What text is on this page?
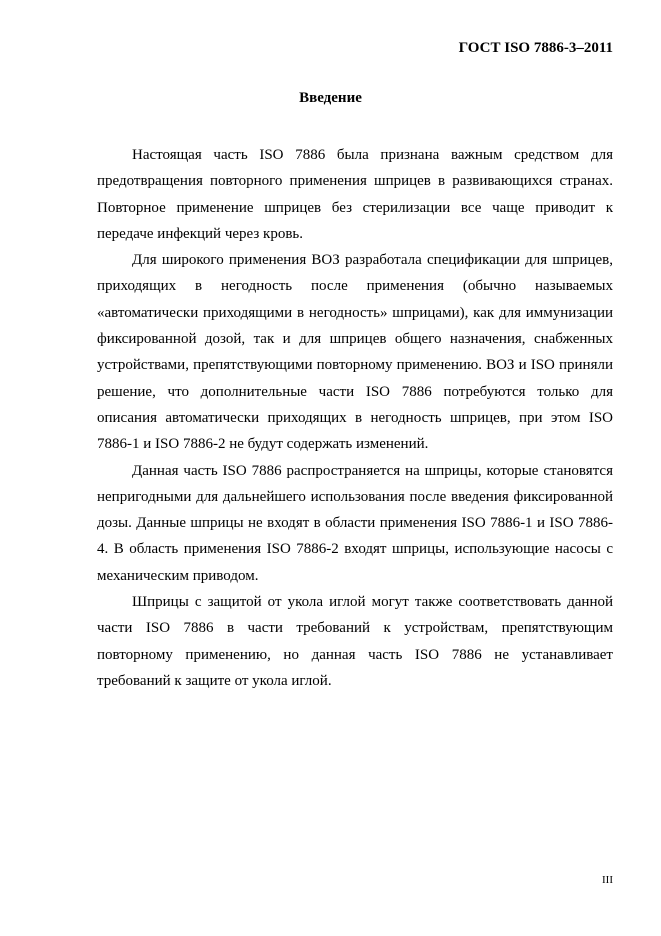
ГОСТ ISO 7886-3–2011
Введение

Настоящая часть ISO 7886 была признана важным средством для предотвращения повторного применения шприцев в развивающихся странах. Повторное применение шприцев без стерилизации все чаще приводит к передаче инфекций через кровь.

Для широкого применения ВОЗ разработала спецификации для шприцев, приходящих в негодность после применения (обычно называемых «автоматически приходящими в негодность» шприцами), как для иммунизации фиксированной дозой, так и для шприцев общего назначения, снабженных устройствами, препятствующими повторному применению. ВОЗ и ISO приняли решение, что дополнительные части ISO 7886 потребуются только для описания автоматически приходящих в негодность шприцев, при этом ISO 7886-1 и ISO 7886-2 не будут содержать изменений.

Данная часть ISO 7886 распространяется на шприцы, которые становятся непригодными для дальнейшего использования после введения фиксированной дозы. Данные шприцы не входят в области применения ISO 7886-1 и ISO 7886-4. В область применения ISO 7886-2 входят шприцы, использующие насосы с механическим приводом.

Шприцы с защитой от укола иглой могут также соответствовать данной части ISO 7886 в части требований к устройствам, препятствующим повторному применению, но данная часть ISO 7886 не устанавливает требований к защите от укола иглой.

III
